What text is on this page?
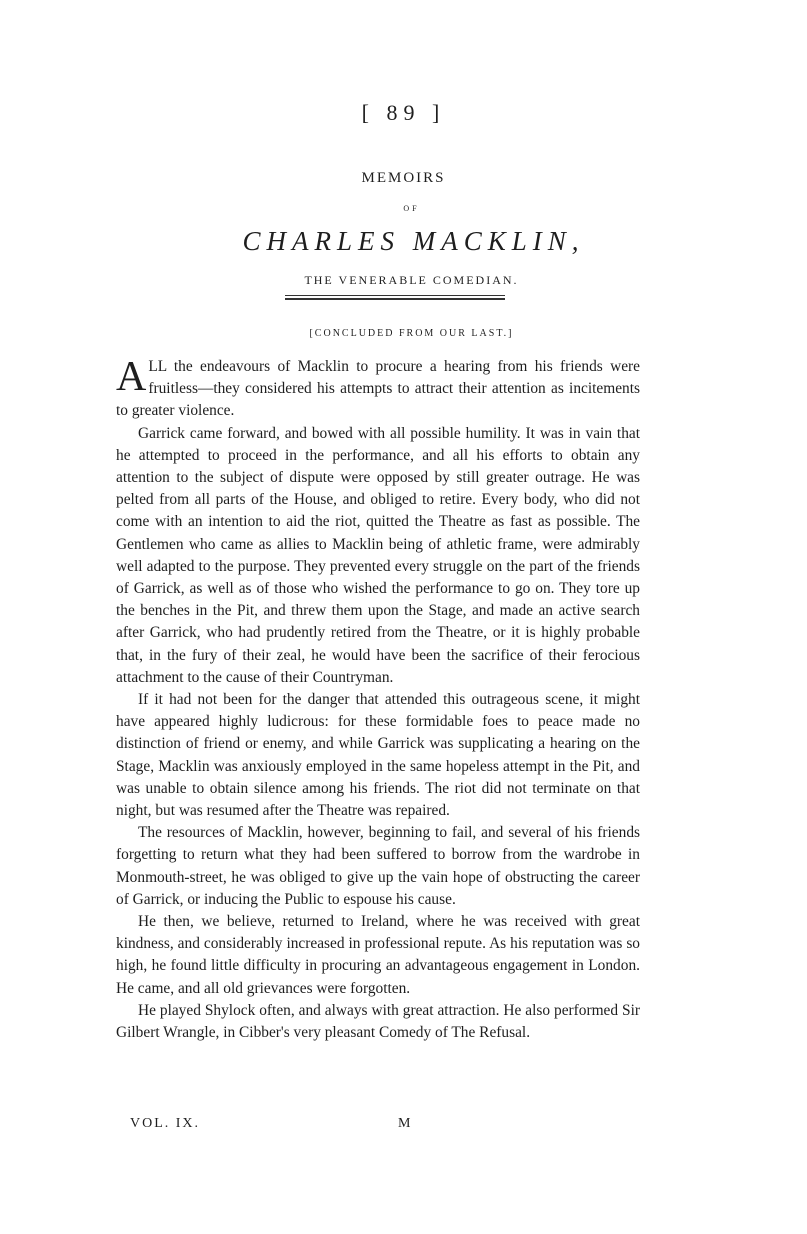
[ 89 ]
MEMOIRS
OF
CHARLES MACKLIN,
THE VENERABLE COMEDIAN.
[CONCLUDED FROM OUR LAST.]

ALL the endeavours of Macklin to procure a hearing from his friends were fruitless—they considered his attempts to attract their attention as incitements to greater violence.

Garrick came forward, and bowed with all possible humility. It was in vain that he attempted to proceed in the performance, and all his efforts to obtain any attention to the subject of dispute were opposed by still greater outrage. He was pelted from all parts of the House, and obliged to retire. Every body, who did not come with an intention to aid the riot, quitted the Theatre as fast as possible. The Gentlemen who came as allies to Macklin being of athletic frame, were admirably well adapted to the purpose. They prevented every struggle on the part of the friends of Garrick, as well as of those who wished the performance to go on. They tore up the benches in the Pit, and threw them upon the Stage, and made an active search after Garrick, who had prudently retired from the Theatre, or it is highly probable that, in the fury of their zeal, he would have been the sacrifice of their ferocious attachment to the cause of their Countryman.

If it had not been for the danger that attended this outrageous scene, it might have appeared highly ludicrous: for these formidable foes to peace made no distinction of friend or enemy, and while Garrick was supplicating a hearing on the Stage, Macklin was anxiously employed in the same hopeless attempt in the Pit, and was unable to obtain silence among his friends. The riot did not terminate on that night, but was resumed after the Theatre was repaired.

The resources of Macklin, however, beginning to fail, and several of his friends forgetting to return what they had been suffered to borrow from the wardrobe in Monmouth-street, he was obliged to give up the vain hope of obstructing the career of Garrick, or inducing the Public to espouse his cause.

He then, we believe, returned to Ireland, where he was received with great kindness, and considerably increased in professional repute. As his reputation was so high, he found little difficulty in procuring an advantageous engagement in London. He came, and all old grievances were forgotten.

He played Shylock often, and always with great attraction. He also performed Sir Gilbert Wrangle, in Cibber's very pleasant Comedy of The Refusal.

VOL. IX.	M
